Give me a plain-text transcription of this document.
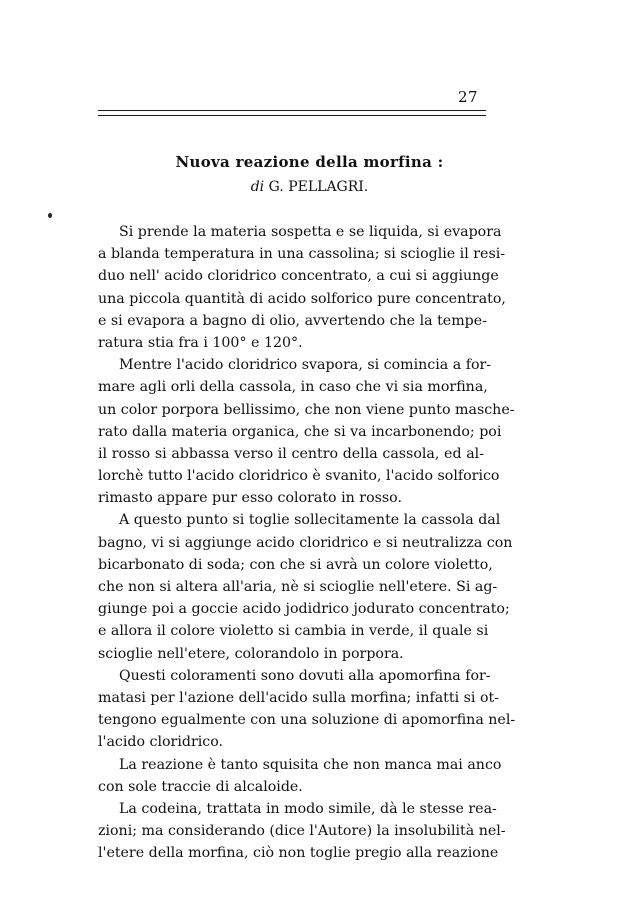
27
Nuova reazione della morfina :
di G. PELLAGRI.
Si prende la materia sospetta e se liquida, si evapora
a blanda temperatura in una cassolina; si scioglie il resi-
duo nell' acido cloridrico concentrato, a cui si aggiunge
una piccola quantità di acido solforico pure concentrato,
e si evapora a bagno di olio, avvertendo che la tempe-
ratura stia fra i 100° e 120°.
Mentre l'acido cloridrico svapora, si comincia a for-
mare agli orli della cassola, in caso che vi sia morfina,
un color porpora bellissimo, che non viene punto maschе-
rato dalla materia organica, che si va incarbonendo; poi
il rosso si abbassa verso il centro della cassola, ed al-
lorchè tutto l'acido cloridrico è svanito, l'acido solforico
rimasto appare pur esso colorato in rosso.
A questo punto si toglie sollecitamente la cassola dal
bagno, vi si aggiunge acido cloridrico e si neutralizza con
bicarbonato di soda; con che si avrà un colore violetto,
che non si altera all'aria, nè si scioglie nell'etere. Si ag-
giunge poi a goccie acido jodidrico jodurato concentrato;
e allora il colore violetto si cambia in verde, il quale si
scioglie nell'etere, colorandolo in porpora.
Questi coloramenti sono dovuti alla apomorfina for-
matasi per l'azione dell'acido sulla morfina; infatti si ot-
tengono egualmente con una soluzione di apomorfina nel-
l'acido cloridrico.
La reazione è tanto squisita che non manca mai anco
con sole traccie di alcaloide.
La codeina, trattata in modo simile, dà le stesse rea-
zioni; ma considerando (dice l'Autore) la insolubilità nel-
l'etere della morfina, ciò non toglie pregio alla reazione
